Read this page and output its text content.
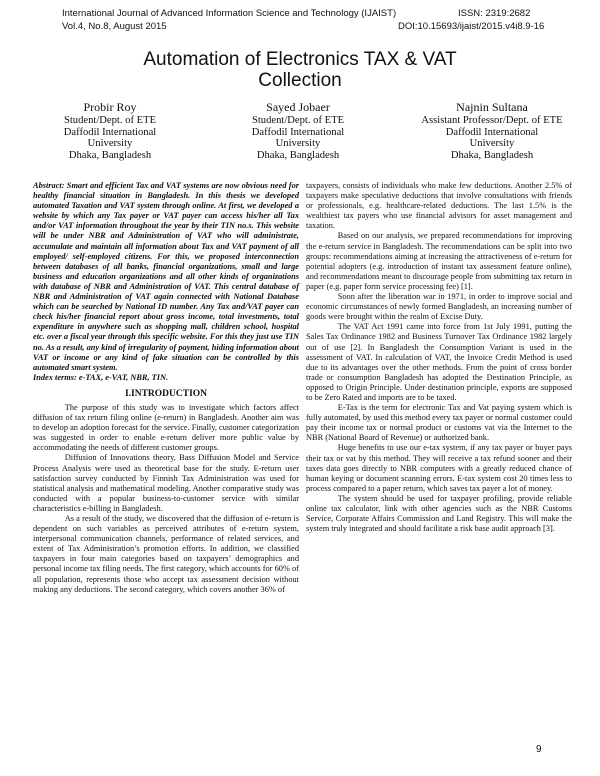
International Journal of Advanced Information Science and Technology (IJAIST)	ISSN: 2319:2682
Vol.4, No.8, August 2015	DOI:10.15693/ijaist/2015.v4i8.9-16
Automation of Electronics TAX & VAT
Collection
Probir Roy
Student/Dept. of ETE
Daffodil International
University
Dhaka, Bangladesh
Sayed Jobaer
Student/Dept. of ETE
Daffodil International
University
Dhaka, Bangladesh
Najnin Sultana
Assistant Professor/Dept. of ETE
Daffodil International
University
Dhaka, Bangladesh

Abstract: Smart and efficient Tax and VAT systems are now obvious need for healthy financial situation in Bangladesh. In this thesis we developed automated Taxation and VAT system through online. At first, we developed a website by which any Tax payer or VAT payer can access his/her all Tax and/or VAT information throughout the year by their TIN no.s. This website will be under NBR and Administration of VAT who will administrate, accumulate and maintain all information about Tax and VAT payment of all employed/ self-employed citizens. For this, we proposed interconnection between databases of all banks, financial organizations, small and large business and education organizations and all other kinds of organizations with database of NBR and Administration of VAT. This central database of NBR and Administration of VAT again connected with National Database which can be searched by National ID number. Any Tax and/VAT payer can check his/her financial report about gross income, total investments, total expenditure in anywhere such as shopping mall, children school, hospital etc. over a fiscal year through this specific website. For this they just use TIN no. As a result, any kind of irregularity of payment, hiding information about VAT or income or any kind of fake situation can be controlled by this automated smart system.

Index terms: e-TAX, e-VAT, NBR, TIN.

I.INTRODUCTION

The purpose of this study was to investigate which factors affect diffusion of tax return filing online (e-return) in Bangladesh. Another aim was to develop an adoption forecast for the service. Finally, customer categorization was suggested in order to enable e-return deliver more public value by accommodating the needs of different customer groups.

Diffusion of Innovations theory, Bass Diffusion Model and Service Process Analysis were used as theoretical base for the study. E-return user satisfaction survey conducted by Finnish Tax Administration was used for statistical analysis and mathematical modeling. Another comparative study was conducted with a popular business-to-customer service with similar characteristics e-billing in Bangladesh.

As a result of the study, we discovered that the diffusion of e-return is dependent on such variables as perceived attributes of e-return system, interpersonal communication channels, performance of related services, and extent of Tax Administration’s promotion efforts. In addition, we classified taxpayers in four main categories based on taxpayers’ demographics and personal income tax filing needs. The first category, which accounts for 60% of all population, represents those who accept tax assessment decision without making any deductions. The second category, which covers another 36% of

taxpayers, consists of individuals who make few deductions. Another 2.5% of taxpayers make speculative deductions that involve consultations with friends or professionals, e.g. healthcare-related deductions. The last 1.5% is the wealthiest tax payers who use financial advisors for asset management and taxation.

Based on our analysis, we prepared recommendations for improving the e-return service in Bangladesh. The recommendations can be split into two groups: recommendations aiming at increasing the attractiveness of e-return for potential adopters (e.g. introduction of instant tax assessment feature online), and recommendations meant to discourage people from submitting tax return in paper (e.g. paper form service processing fee) [1].

Soon after the liberation war in 1971, in order to improve social and economic circumstances of newly formed Bangladesh, an increasing number of goods were brought within the realm of Excise Duty.

The VAT Act 1991 came into force from 1st July 1991, putting the Sales Tax Ordinance 1982 and Business Turnover Tax Ordinance 1982 largely out of use [2]. In Bangladesh the Consumption Variant is used in the assessment of VAT. In calculation of VAT, the Invoice Credit Method is used due to its advantages over the other methods. From the point of cross border trade or consumption Bangladesh has adopted the Destination Principle, as opposed to Origin Principle. Under destination principle, exports are supposed to be Zero Rated and imports are to be taxed.

E-Tax is the term for electronic Tax and Vat paying system which is fully automated, by used this method every tax payer or normal customer could pay their income tax or normal product or customs vat via the Internet to the NBR (National Board of Revenue) or authorized bank.

Huge benefits to use our e-tax system, if any tax payer or buyer pays their tax or vat by this method. They will receive a tax refund sooner and their taxes data goes directly to NBR computers with a greatly reduced chance of human keying or document scanning errors. E-tax system cost 20 times less to process compared to a paper return, which saves tax payer a lot of money.

The system should be used for taxpayer profiling, provide reliable online tax calculator, link with other agencies such as the NBR Customs Service, Corporate Affairs Commission and Land Registry. This will make the system truly integrated and should facilitate a risk base audit approach [3].

9
